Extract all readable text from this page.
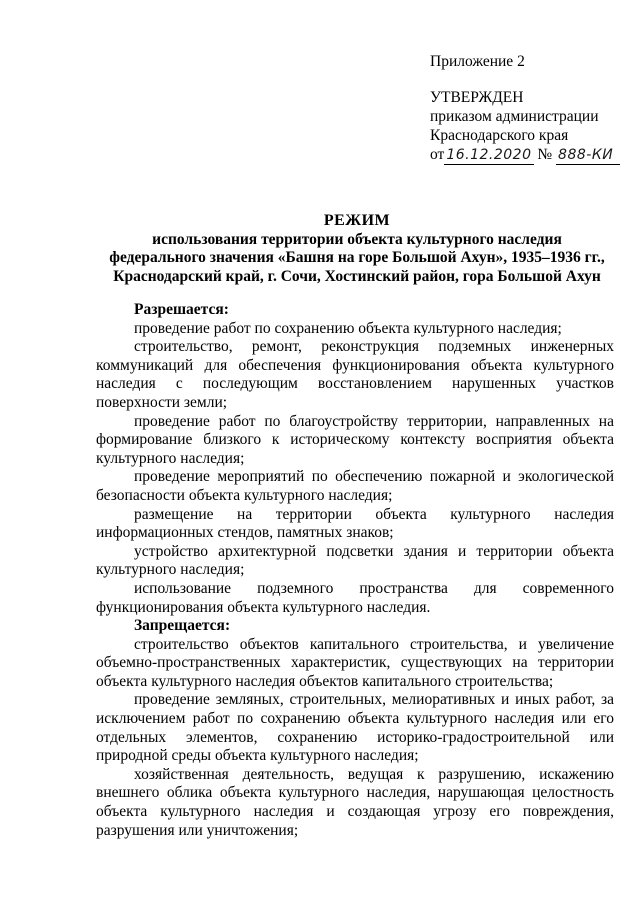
Приложение 2
УТВЕРЖДЕН
приказом администрации
Краснодарского края
от 16.12.2020 № 888-КИ
РЕЖИМ
использования территории объекта культурного наследия
федерального значения «Башня на горе Большой Ахун», 1935–1936 гг.,
Краснодарский край, г. Сочи, Хостинский район, гора Большой Ахун

Разрешается:

проведение работ по сохранению объекта культурного наследия;

строительство, ремонт, реконструкция подземных инженерных коммуникаций для обеспечения функционирования объекта культурного наследия с последующим восстановлением нарушенных участков поверхности земли;

проведение работ по благоустройству территории, направленных на формирование близкого к историческому контексту восприятия объекта культурного наследия;

проведение мероприятий по обеспечению пожарной и экологической безопасности объекта культурного наследия;

размещение на территории объекта культурного наследия информационных стендов, памятных знаков;

устройство архитектурной подсветки здания и территории объекта культурного наследия;

использование подземного пространства для современного функционирования объекта культурного наследия.

Запрещается:

строительство объектов капитального строительства, и увеличение объемно-пространственных характеристик, существующих на территории объекта культурного наследия объектов капитального строительства;

проведение земляных, строительных, мелиоративных и иных работ, за исключением работ по сохранению объекта культурного наследия или его отдельных элементов, сохранению историко-градостроительной или природной среды объекта культурного наследия;

хозяйственная деятельность, ведущая к разрушению, искажению внешнего облика объекта культурного наследия, нарушающая целостность объекта культурного наследия и создающая угрозу его повреждения, разрушения или уничтожения;
